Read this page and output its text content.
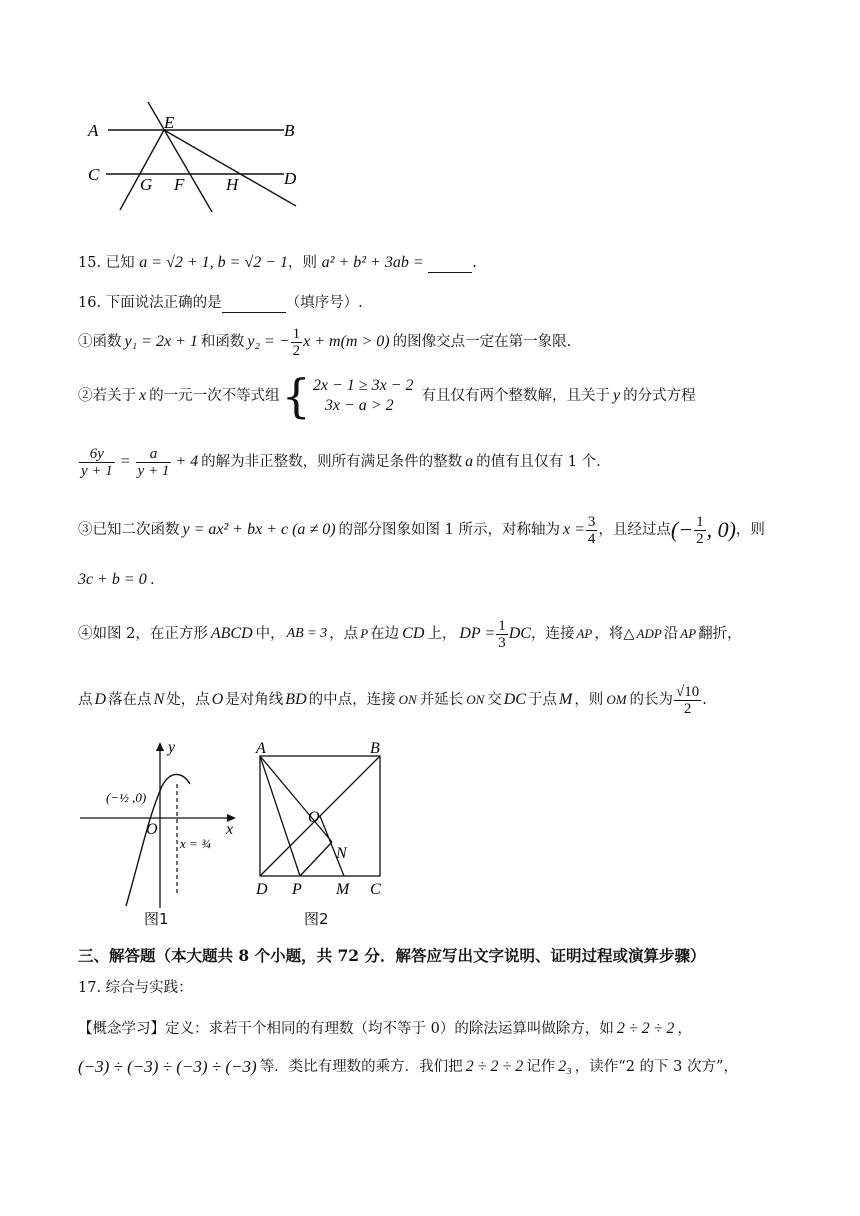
A	E	B
C
G F H	D
15. 已知 a = √2 + 1, b = √2 − 1，则 a² + b² + 3ab =	.
16. 下面说法正确的是	（填序号）.
①函数 y₁ = 2x + 1 和函数 y₂ = − $\frac{1}{2}$ x + m(m > 0) 的图像交点一定在第一象限.
②若关于 x 的一元一次不等式组 { 2x − 1 ≥ 3x − 2
3x − a > 2
有且仅有两个整数解，且关于 y 的分式方程
$\frac{6y}{y + 1} = \frac{a}{y + 1} + 4$ 的解为非正整数，则所有满足条件的整数 a 的值有且仅有 1 个.
③已知二次函数 y = ax² + bx + c (a ≠ 0) 的部分图象如图 1 所示，对称轴为 $x = \frac{3}{4}$ ，且经过点 (− $\frac{1}{2}$ , 0) ，则
3c + b = 0 .
④如图 2，在正方形 ABCD 中， AB = 3 ，点 P 在边 CD 上， DP = $\frac{1}{3}$ DC ，连接 AP ，将△ ADP 沿 AP 翻折，
点 D 落在点 N 处，点 O 是对角线 BD 的中点，连接 ON 并延长 ON 交 DC 于点 M ，则 OM 的长为 $\frac{√10}{2}$ .
y
x
O
(−½ ,0)
x = ¾
图1
A	B
C
D
O
N
P M
图2
三、解答题（本大题共 8 个小题，共 72 分．解答应写出文字说明、证明过程或演算步骤）
17. 综合与实践：
【概念学习】定义：求若干个相同的有理数（均不等于 0）的除法运算叫做除方，如 2 ÷ 2 ÷ 2 ，
(−3) ÷ (−3) ÷ (−3) ÷ (−3) 等．类比有理数的乘方．我们把 2 ÷ 2 ÷ 2 记作 2₃ ，读作“2 的下 3 次方”，
